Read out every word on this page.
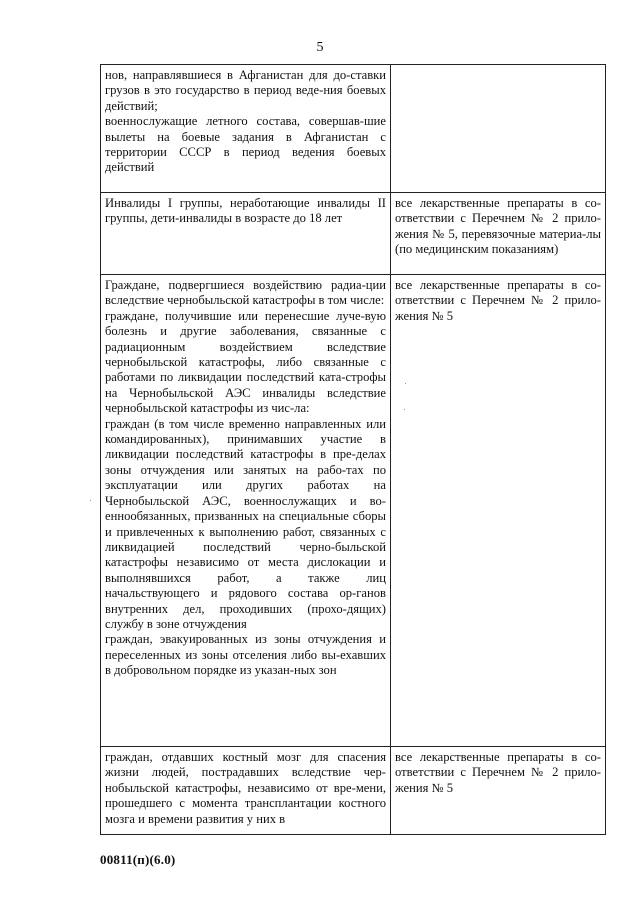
5
нов, направлявшиеся в Афганистан для до-ставки грузов в это государство в период веде-ния боевых действий;
военнослужащие летного состава, совершав-шие вылеты на боевые задания в Афганистан с территории СССР в период ведения боевых действий	

Инвалиды I группы, неработающие инвалиды II группы, дети-инвалиды в возрасте до 18 лет	все лекарственные препараты в со-ответствии с Перечнем № 2 прило-жения № 5, перевязочные материа-лы (по медицинским показаниям)

Граждане, подвергшиеся воздействию радиа-ции вследствие чернобыльской катастрофы в том числе:
граждане, получившие или перенесшие луче-вую болезнь и другие заболевания, связанные с радиационным воздействием вследствие чернобыльской катастрофы, либо связанные с работами по ликвидации последствий ката-строфы на Чернобыльской АЭС инвалиды вследствие чернобыльской катастрофы из чис-ла:
граждан (в том числе временно направленных или командированных), принимавших участие в ликвидации последствий катастрофы в пре-делах зоны отчуждения или занятых на рабо-тах по эксплуатации или других работах на Чернобыльской АЭС, военнослужащих и во-еннообязанных, призванных на специальные сборы и привлеченных к выполнению работ, связанных с ликвидацией последствий черно-быльской катастрофы независимо от места дислокации и выполнявшихся работ, а также лиц начальствующего и рядового состава ор-ганов внутренних дел, проходивших (прохо-дящих) службу в зоне отчуждения
граждан, эвакуированных из зоны отчуждения и переселенных из зоны отселения либо вы-ехавших в добровольном порядке из указан-ных зон	все лекарственные препараты в со-ответствии с Перечнем № 2 прило-жения № 5

граждан, отдавших костный мозг для спасения жизни людей, пострадавших вследствие чер-нобыльской катастрофы, независимо от вре-мени, прошедшего с момента трансплантации костного мозга и времени развития у них в	все лекарственные препараты в со-ответствии с Перечнем № 2 прило-жения № 5
00811(п)(6.0)
